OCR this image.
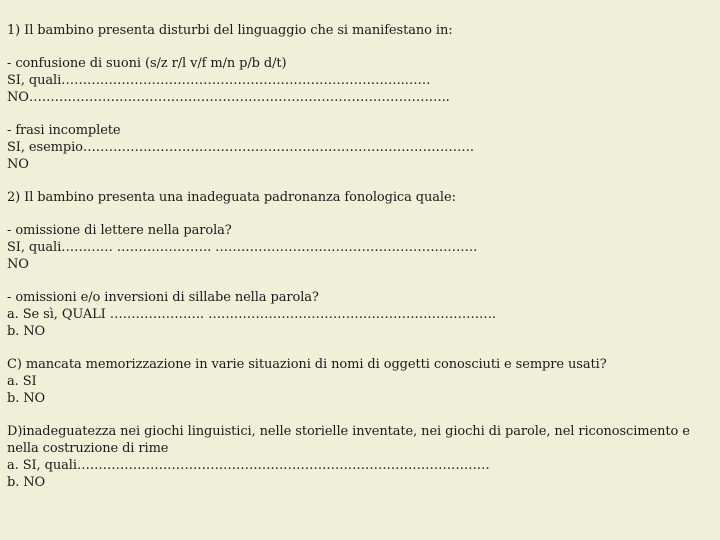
1) Il bambino presenta disturbi del linguaggio che si manifestano in:
- confusione di suoni (s/z r/l v/f m/n p/b d/t)
SI, quali……………………………………………………………………..……
NO……………………………………………………………………………………..
- frasi incomplete
SI, esempio……………………………………………………………………………….
NO
2) Il bambino presenta una inadeguata padronanza fonologica quale:
- omissione di lettere nella parola?
SI, quali………… …………………. …………………………………………………….
NO
- omissioni e/o inversioni di sillabe nella parola?
a. Se sì, QUALI …………………. ………………………………………………………….
b. NO
C) mancata memorizzazione in varie situazioni di nomi di oggetti conosciuti e sempre usati?
a. SI
b. NO
D)inadeguatezza nei giochi linguistici, nelle storielle inventate, nei giochi di parole, nel riconoscimento e nella costruzione di rime
a. SI, quali……………………………………………………………………………………
b. NO
